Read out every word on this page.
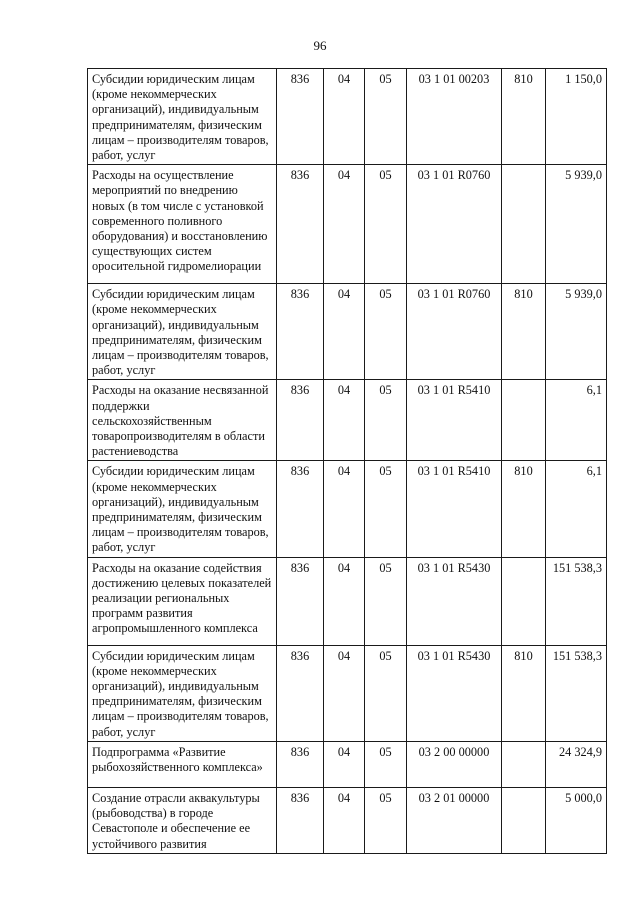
96
Субсидии юридическим лицам (кроме некоммерческих организаций), индивидуальным предпринимателям, физическим лицам – производителям товаров, работ, услуг	836	04	05	03 1 01 00203	810	1 150,0
Расходы на осуществление мероприятий по внедрению новых (в том числе с установкой современного поливного оборудования) и восстановлению существующих систем оросительной гидромелиорации	836	04	05	03 1 01 R0760		5 939,0
Субсидии юридическим лицам (кроме некоммерческих организаций), индивидуальным предпринимателям, физическим лицам – производителям товаров, работ, услуг	836	04	05	03 1 01 R0760	810	5 939,0
Расходы на оказание несвязанной поддержки сельскохозяйственным товаропроизводителям в области растениеводства	836	04	05	03 1 01 R5410		6,1
Субсидии юридическим лицам (кроме некоммерческих организаций), индивидуальным предпринимателям, физическим лицам – производителям товаров, работ, услуг	836	04	05	03 1 01 R5410	810	6,1
Расходы на оказание содействия достижению целевых показателей реализации региональных программ развития агропромышленного комплекса	836	04	05	03 1 01 R5430		151 538,3
Субсидии юридическим лицам (кроме некоммерческих организаций), индивидуальным предпринимателям, физическим лицам – производителям товаров, работ, услуг	836	04	05	03 1 01 R5430	810	151 538,3
Подпрограмма «Развитие рыбохозяйственного комплекса»	836	04	05	03 2 00 00000		24 324,9
Создание отрасли аквакультуры (рыбоводства) в городе Севастополе и обеспечение ее устойчивого развития	836	04	05	03 2 01 00000		5 000,0
